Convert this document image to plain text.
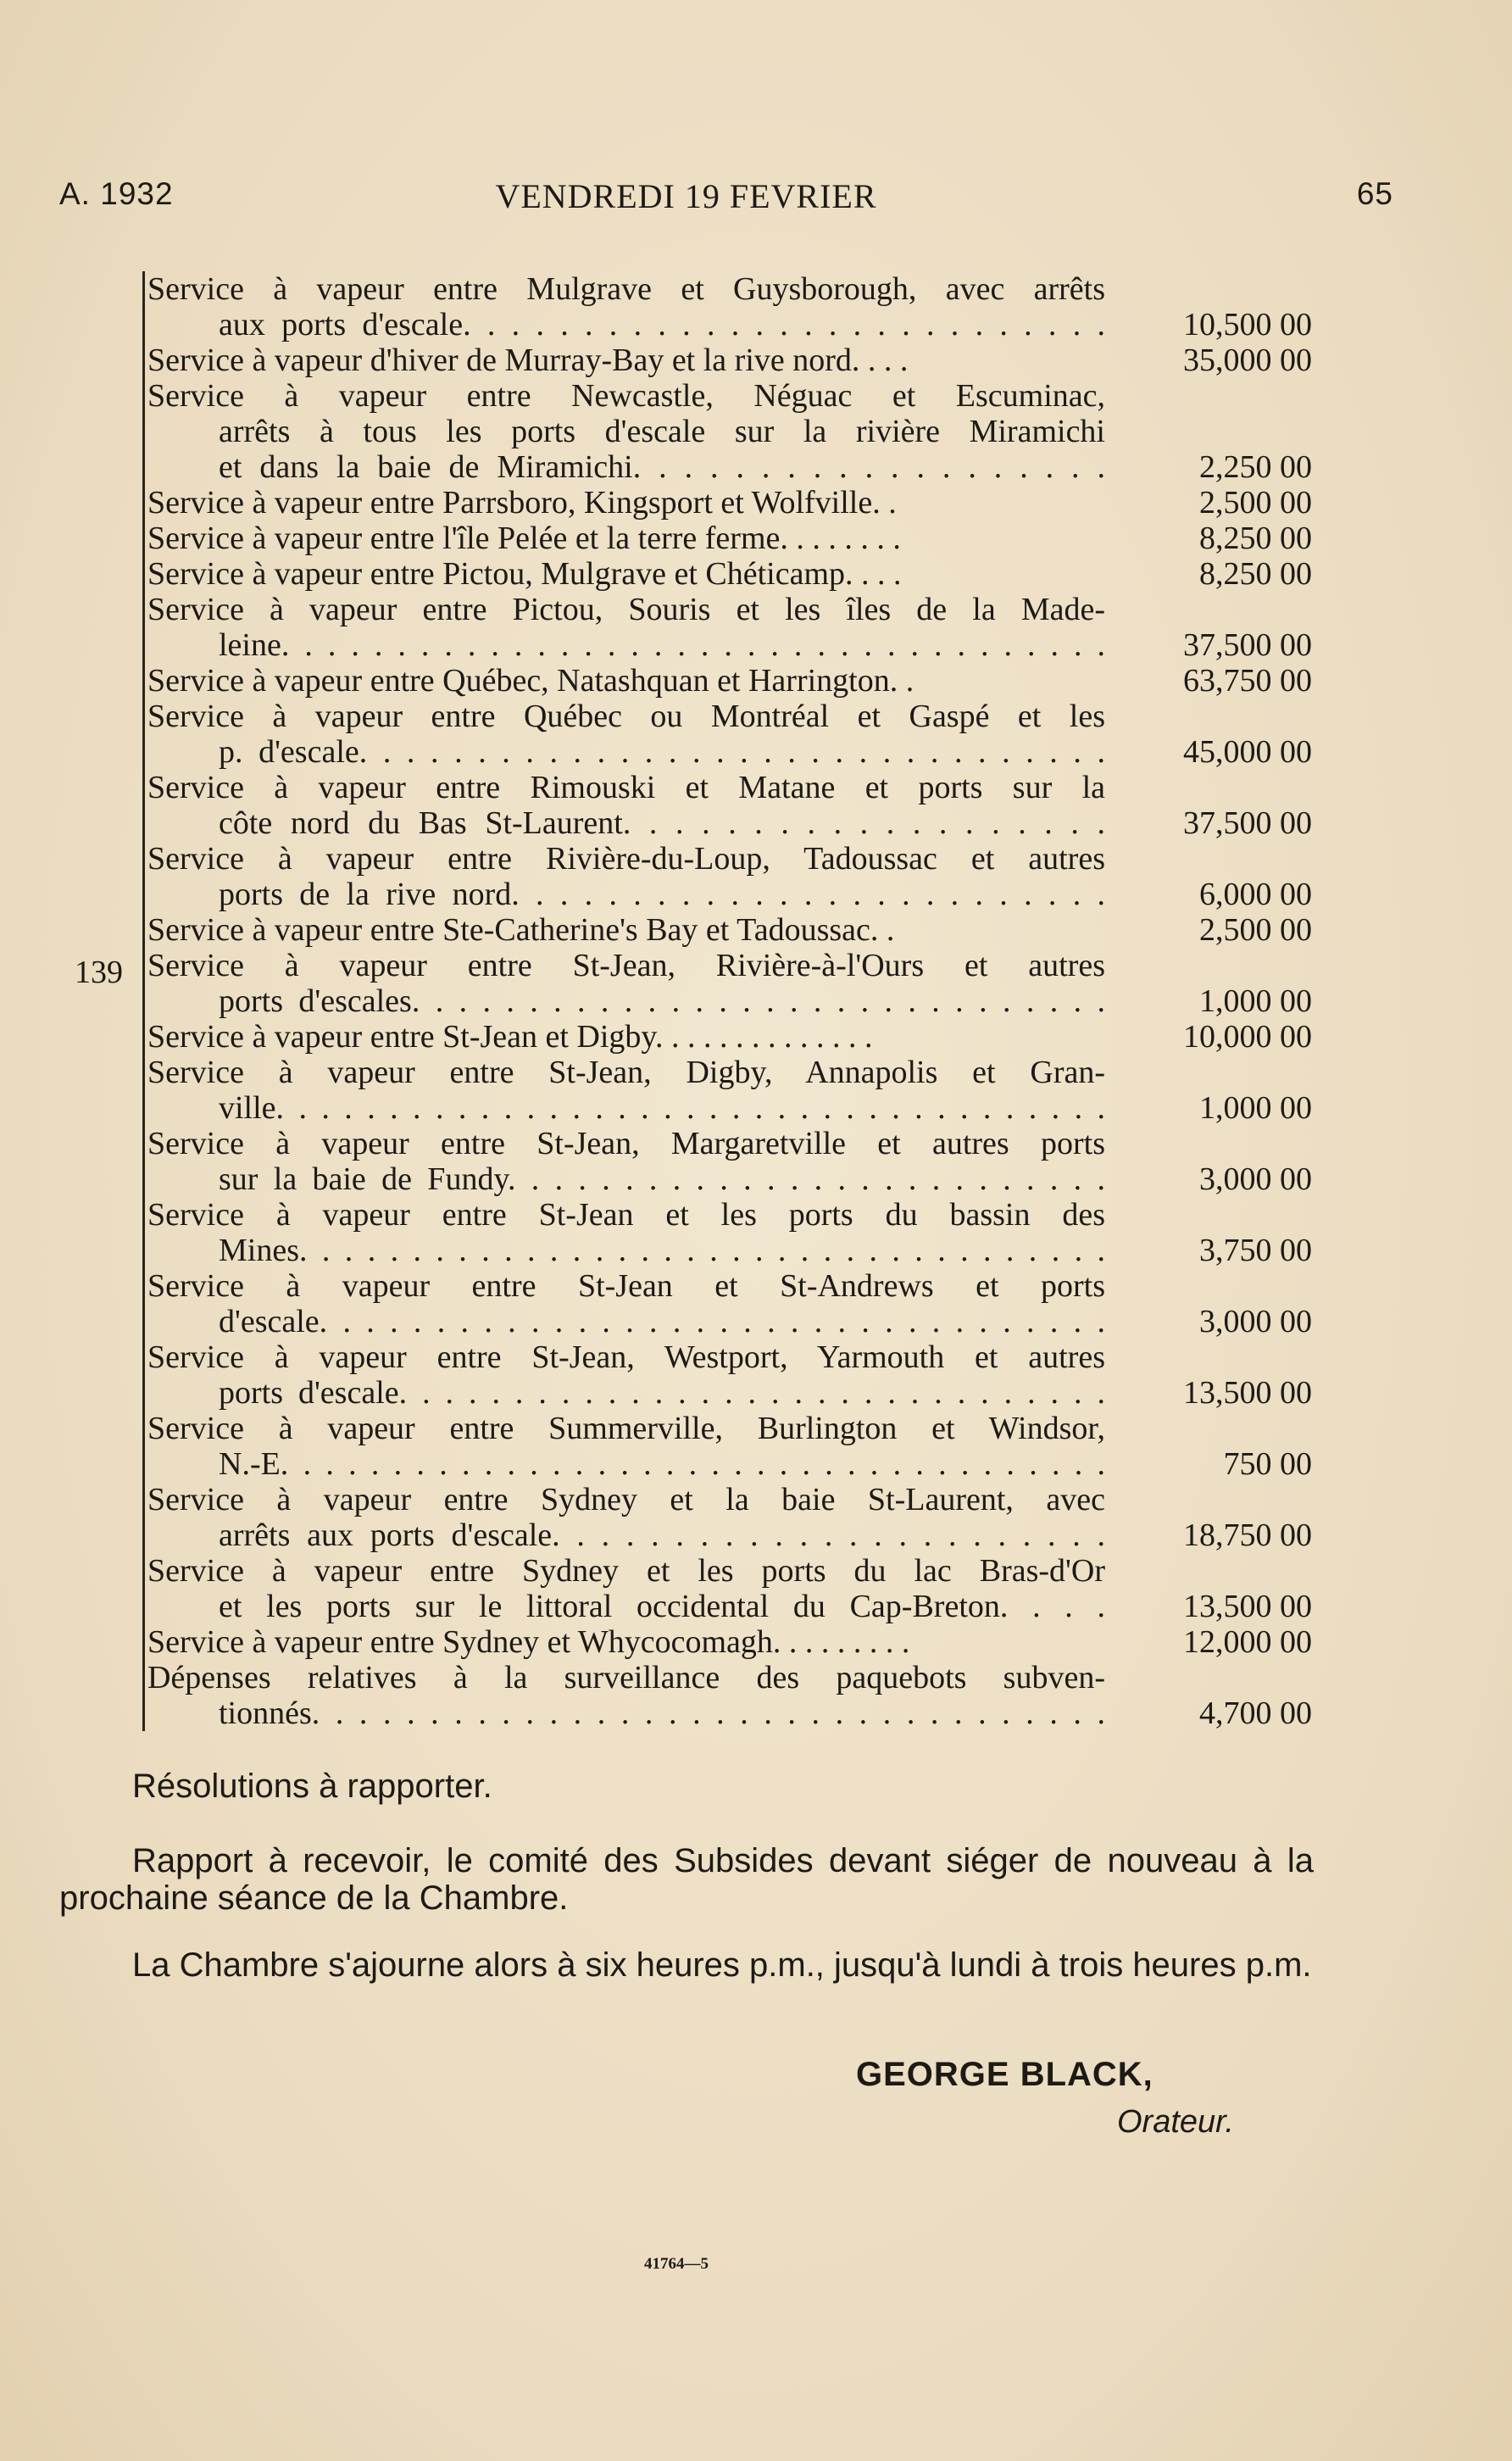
A. 1932	VENDREDI 19 FEVRIER	65
139
Service à vapeur entre Mulgrave et Guysborough, avec arrêts
aux ports d'escale. . . . . . . . . . . . . . . . . . . . . . . . . . . 10,500 00
Service à vapeur d'hiver de Murray-Bay et la rive nord. . . .	35,000 00
Service à vapeur entre Newcastle, Néguac et Escuminac,
arrêts à tous les ports d'escale sur la rivière Miramichi
et dans la baie de Miramichi. . . . . . . . . . . . . . . . . . .	2,250 00
Service à vapeur entre Parrsboro, Kingsport et Wolfville. .	2,500 00
Service à vapeur entre l'île Pelée et la terre ferme. . . . . . . .	8,250 00
Service à vapeur entre Pictou, Mulgrave et Chéticamp. . . .	8,250 00
Service à vapeur entre Pictou, Souris et les îles de la Made-
leine. . . . . . . . . . . . . . . . . . . . . . . . . . . . . . . . . . . . 37,500 00
Service à vapeur entre Québec, Natashquan et Harrington. .	63,750 00
Service à vapeur entre Québec ou Montréal et Gaspé et les
p. d'escale. . . . . . . . . . . . . . . . . . . . . . . . . . . . . . . . 45,000 00
Service à vapeur entre Rimouski et Matane et ports sur la
côte nord du Bas St-Laurent. . . . . . . . . . . . . . . . . . . 37,500 00
Service à vapeur entre Rivière-du-Loup, Tadoussac et autres
ports de la rive nord. . . . . . . . . . . . . . . . . . . . . . . . .	6,000 00
Service à vapeur entre Ste-Catherine's Bay et Tadoussac. .	2,500 00
Service à vapeur entre St-Jean, Rivière-à-l'Ours et autres
ports d'escales. . . . . . . . . . . . . . . . . . . . . . . . . . . . . .	1,000 00
Service à vapeur entre St-Jean et Digby. . . . . . . . . . . . . .	10,000 00
Service à vapeur entre St-Jean, Digby, Annapolis et Gran-
ville. . . . . . . . . . . . . . . . . . . . . . . . . . . . . . . . . . . . .	1,000 00
Service à vapeur entre St-Jean, Margaretville et autres ports
sur la baie de Fundy. . . . . . . . . . . . . . . . . . . . . . . . . .	3,000 00
Service à vapeur entre St-Jean et les ports du bassin des
Mines. . . . . . . . . . . . . . . . . . . . . . . . . . . . . . . . . . . .	3,750 00
Service à vapeur entre St-Jean et St-Andrews et ports
d'escale. . . . . . . . . . . . . . . . . . . . . . . . . . . . . . . . . .	3,000 00
Service à vapeur entre St-Jean, Westport, Yarmouth et autres
ports d'escale. . . . . . . . . . . . . . . . . . . . . . . . . . . . . . . 13,500 00
Service à vapeur entre Summerville, Burlington et Windsor,
N.-E. . . . . . . . . . . . . . . . . . . . . . . . . . . . . . . . . . . . .	750 00
Service à vapeur entre Sydney et la baie St-Laurent, avec
arrêts aux ports d'escale. . . . . . . . . . . . . . . . . . . . . . . 18,750 00
Service à vapeur entre Sydney et les ports du lac Bras-d'Or
et les ports sur le littoral occidental du Cap-Breton. . . . 13,500 00
Service à vapeur entre Sydney et Whycocomagh. . . . . . . . .	12,000 00
Dépenses relatives à la surveillance des paquebots subven-
tionnés. . . . . . . . . . . . . . . . . . . . . . . . . . . . . . . . . .	4,700 00
Résolutions à rapporter.
Rapport à recevoir, le comité des Subsides devant siéger de nouveau à la prochaine séance de la Chambre.
La Chambre s'ajourne alors à six heures p.m., jusqu'à lundi à trois heures p.m.
GEORGE BLACK,
Orateur.
41764—5
